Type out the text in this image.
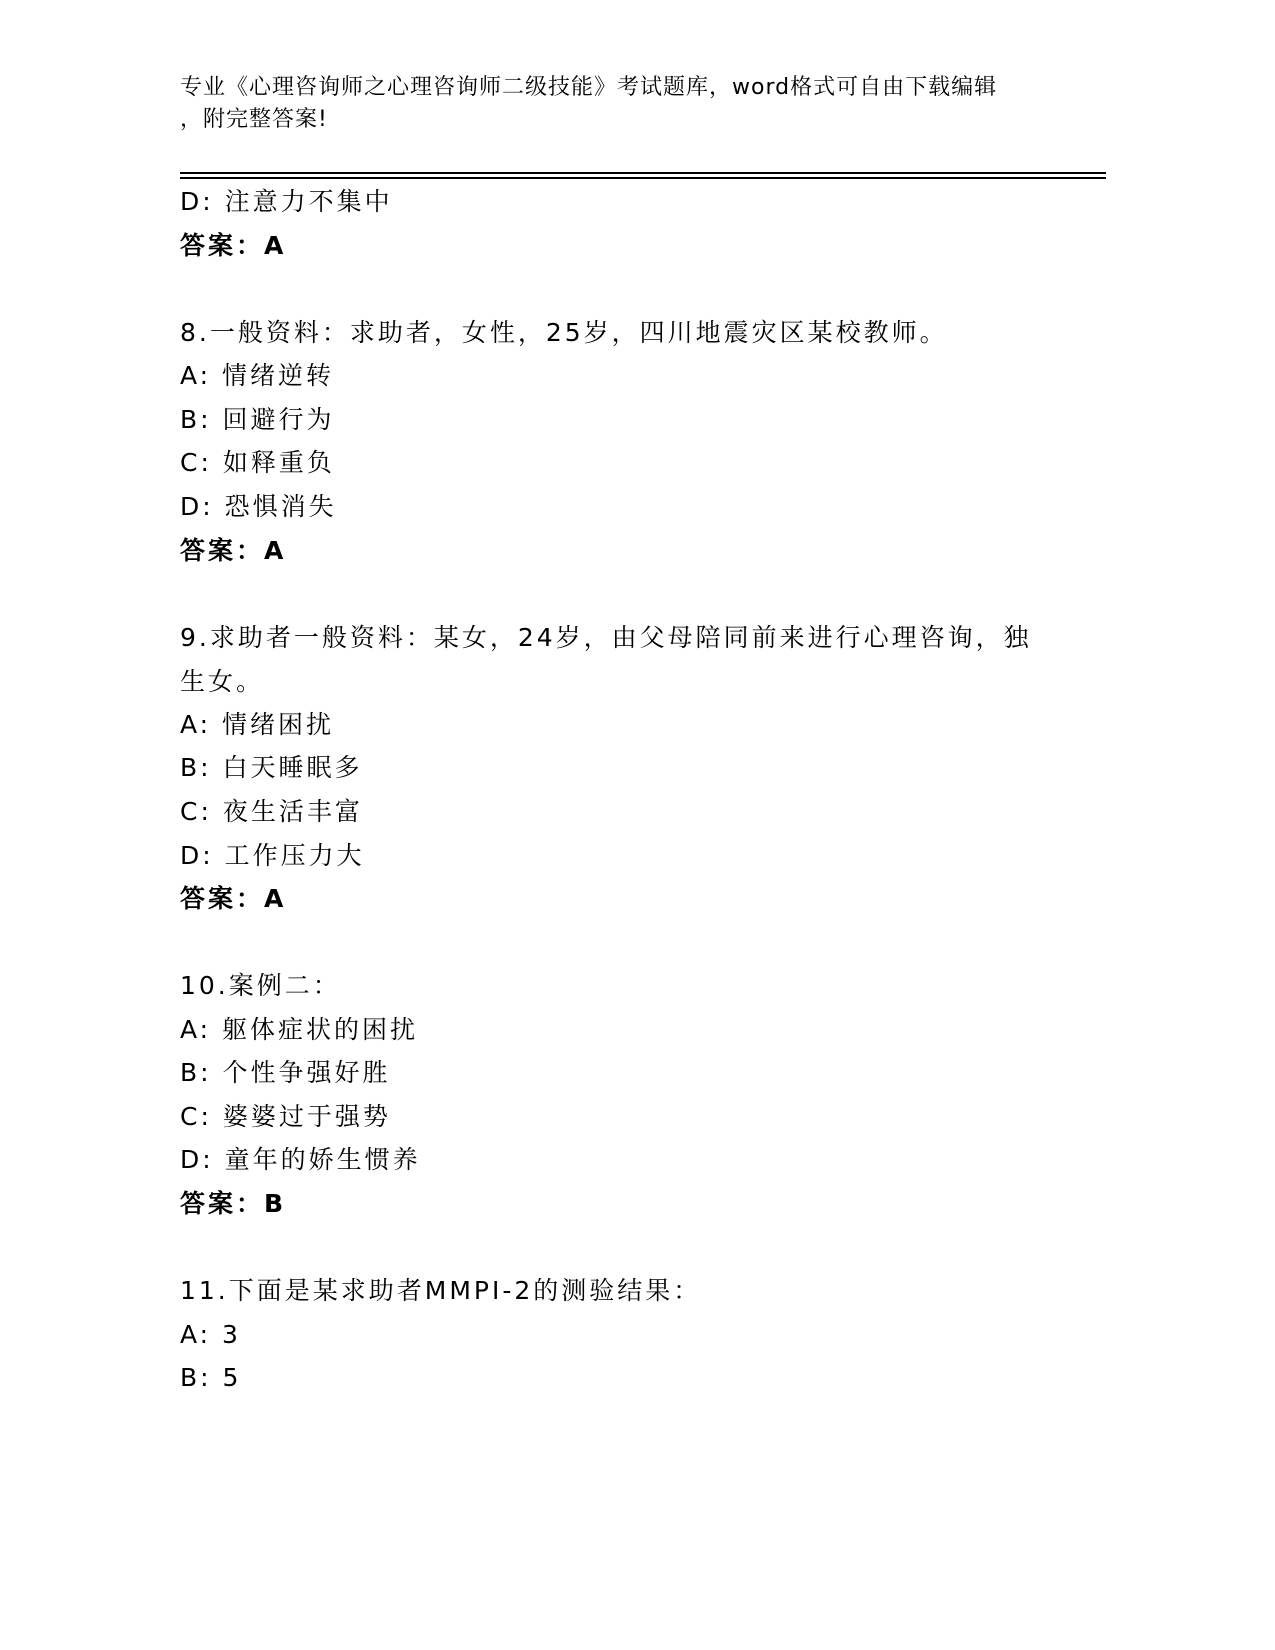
专业《心理咨询师之心理咨询师二级技能》考试题库，word格式可自由下载编辑
，附完整答案!
D: 注意力不集中
答案：A
8.一般资料：求助者，女性，25岁，四川地震灾区某校教师。
A: 情绪逆转
B: 回避行为
C: 如释重负
D: 恐惧消失
答案：A
9.求助者一般资料：某女，24岁，由父母陪同前来进行心理咨询，独
生女。
A: 情绪困扰
B: 白天睡眠多
C: 夜生活丰富
D: 工作压力大
答案：A
10.案例二：
A: 躯体症状的困扰
B: 个性争强好胜
C: 婆婆过于强势
D: 童年的娇生惯养
答案：B
11.下面是某求助者MMPI-2的测验结果：
A: 3
B: 5
